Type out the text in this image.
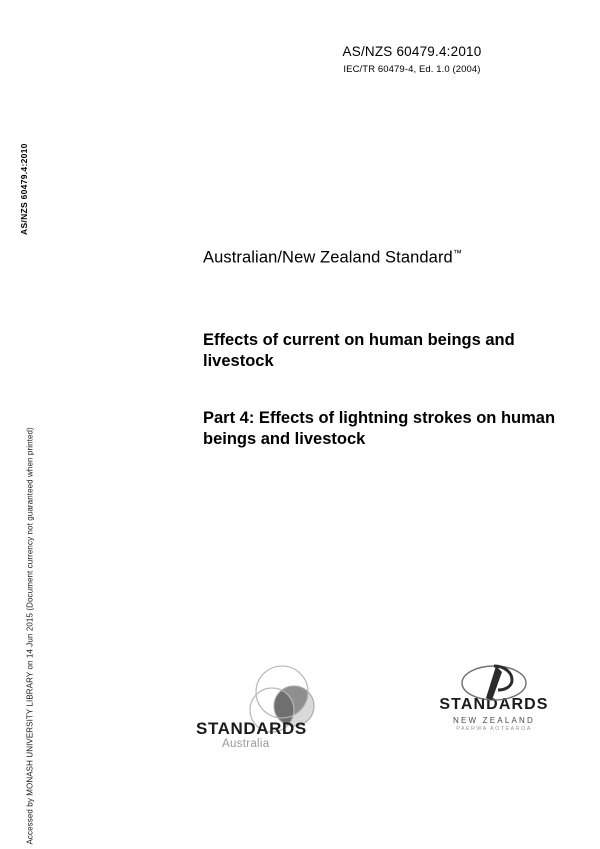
AS/NZS 60479.4:2010
Accessed by MONASH UNIVERSITY LIBRARY on 14 Jun 2015 (Document currency not guaranteed when printed)
AS/NZS 60479.4:2010
IEC/TR 60479-4, Ed. 1.0 (2004)
Australian/New Zealand Standard™
Effects of current on human beings and livestock
Part 4: Effects of lightning strokes on human beings and livestock
STANDARDS
Australia
STANDARDS
NEW ZEALAND
PAERWA AOTEAROA
